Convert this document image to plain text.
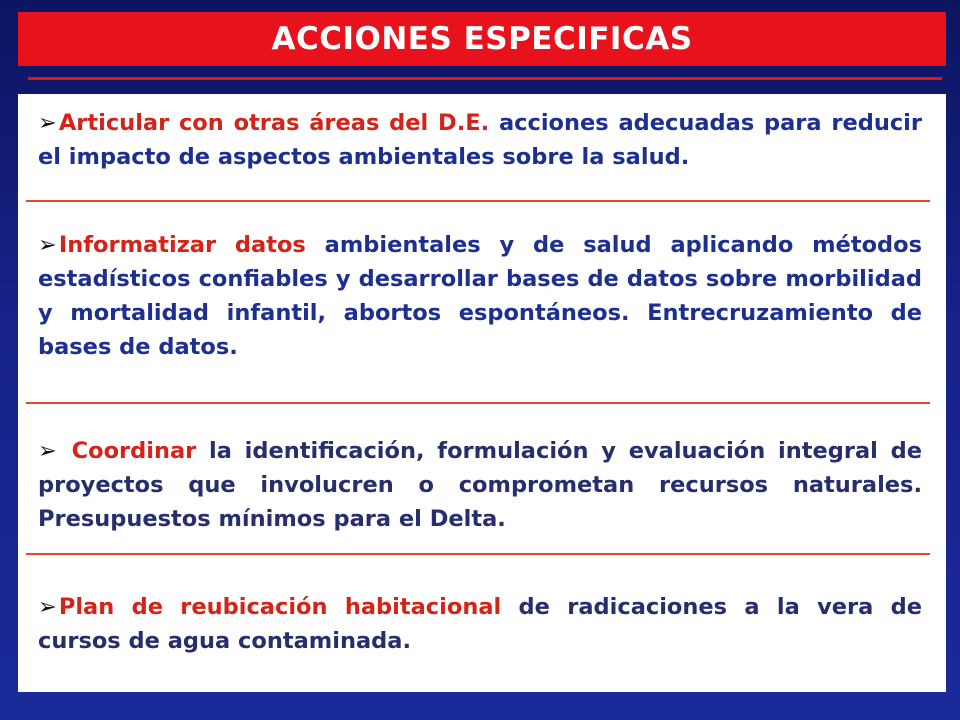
ACCIONES ESPECIFICAS
➢Articular con otras áreas del D.E. acciones adecuadas para reducir el impacto de aspectos ambientales sobre la salud.
➢Informatizar datos ambientales y de salud aplicando métodos estadísticos confiables y desarrollar bases de datos sobre morbilidad y mortalidad infantil, abortos espontáneos. Entrecruzamiento de bases de datos.
➢ Coordinar la identificación, formulación y evaluación integral de proyectos que involucren o comprometan recursos naturales. Presupuestos mínimos para el Delta.
➢Plan de reubicación habitacional de radicaciones a la vera de cursos de agua contaminada.
